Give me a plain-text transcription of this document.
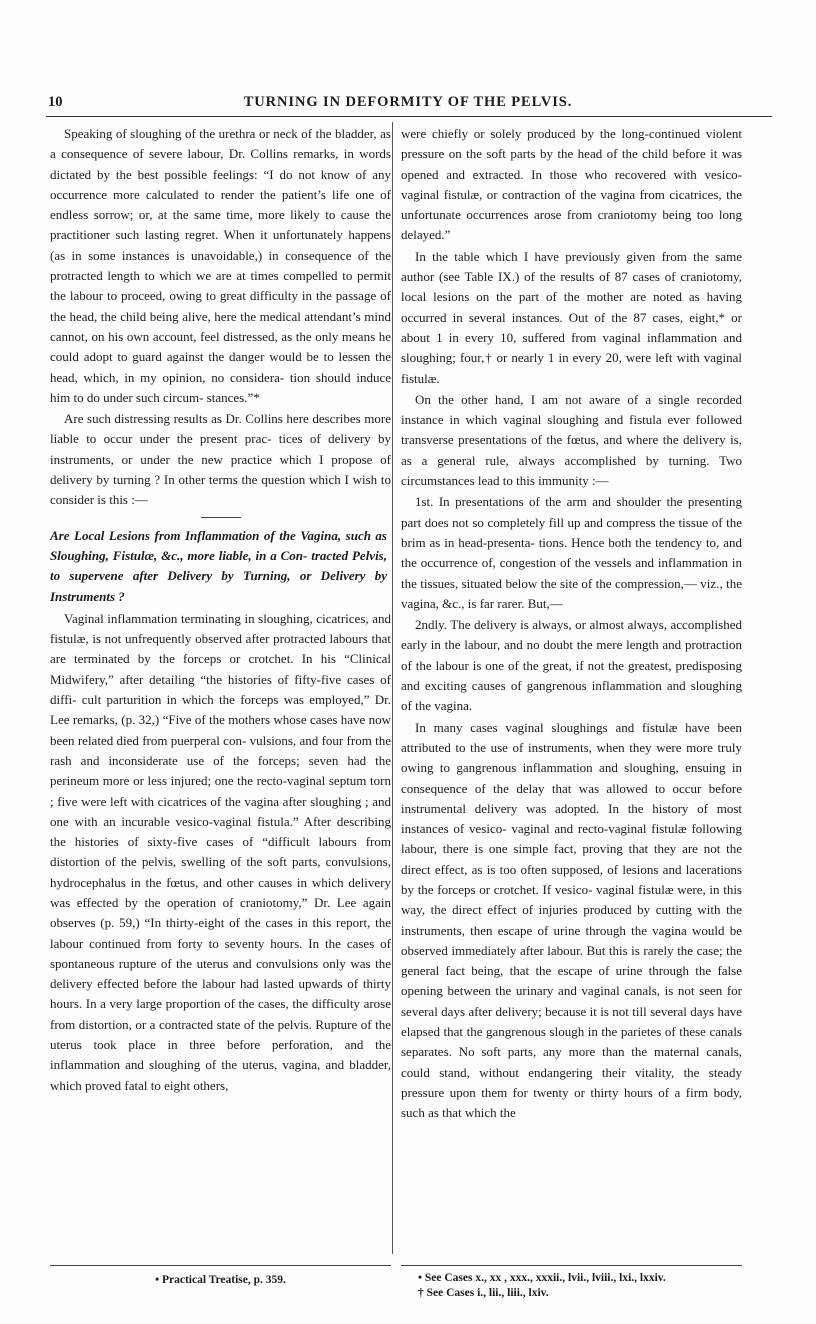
10	TURNING IN DEFORMITY OF THE PELVIS.

Speaking of sloughing of the urethra or neck of the bladder, as a consequence of severe labour, Dr. Collins remarks, in words dictated by the best possible feelings: “I do not know of any occurrence more calculated to render the patient’s life one of endless sorrow; or, at the same time, more likely to cause the practitioner such lasting regret. When it unfortunately happens (as in some instances is unavoidable,) in consequence of the protracted length to which we are at times compelled to permit the labour to proceed, owing to great difficulty in the passage of the head, the child being alive, here the medical attendant’s mind cannot, on his own account, feel distressed, as the only means he could adopt to guard against the danger would be to lessen the head, which, in my opinion, no considera- tion should induce him to do under such circum- stances.”*

Are such distressing results as Dr. Collins here describes more liable to occur under the present prac- tices of delivery by instruments, or under the new practice which I propose of delivery by turning ? In other terms the question which I wish to consider is this :—

Are Local Lesions from Inflammation of the Vagina, such as Sloughing, Fistulæ, &c., more liable, in a Con- tracted Pelvis, to supervene after Delivery by Turning, or Delivery by Instruments ?

Vaginal inflammation terminating in sloughing, cicatrices, and fistulæ, is not unfrequently observed after protracted labours that are terminated by the forceps or crotchet. In his “Clinical Midwifery,” after detailing “the histories of fifty-five cases of diffi- cult parturition in which the forceps was employed,” Dr. Lee remarks, (p. 32,) “Five of the mothers whose cases have now been related died from puerperal con- vulsions, and four from the rash and inconsiderate use of the forceps; seven had the perineum more or less injured; one the recto-vaginal septum torn ; five were left with cicatrices of the vagina after sloughing ; and one with an incurable vesico-vaginal fistula.” After describing the histories of sixty-five cases of “difficult labours from distortion of the pelvis, swelling of the soft parts, convulsions, hydrocephalus in the fœtus, and other causes in which delivery was effected by the operation of craniotomy,” Dr. Lee again observes (p. 59,) “In thirty-eight of the cases in this report, the labour continued from forty to seventy hours. In the cases of spontaneous rupture of the uterus and convulsions only was the delivery effected before the labour had lasted upwards of thirty hours. In a very large proportion of the cases, the difficulty arose from distortion, or a contracted state of the pelvis. Rupture of the uterus took place in three before perforation, and the inflammation and sloughing of the uterus, vagina, and bladder, which proved fatal to eight others,

were chiefly or solely produced by the long-continued violent pressure on the soft parts by the head of the child before it was opened and extracted. In those who recovered with vesico-vaginal fistulæ, or contraction of the vagina from cicatrices, the unfortunate occurrences arose from craniotomy being too long delayed.”

In the table which I have previously given from the same author (see Table IX.) of the results of 87 cases of craniotomy, local lesions on the part of the mother are noted as having occurred in several instances. Out of the 87 cases, eight,* or about 1 in every 10, suffered from vaginal inflammation and sloughing; four,† or nearly 1 in every 20, were left with vaginal fistulæ.

On the other hand, I am not aware of a single recorded instance in which vaginal sloughing and fistula ever followed transverse presentations of the fœtus, and where the delivery is, as a general rule, always accomplished by turning. Two circumstances lead to this immunity :—

1st. In presentations of the arm and shoulder the presenting part does not so completely fill up and compress the tissue of the brim as in head-presenta- tions. Hence both the tendency to, and the occurrence of, congestion of the vessels and inflammation in the tissues, situated below the site of the compression,— viz., the vagina, &c., is far rarer. But,—

2ndly. The delivery is always, or almost always, accomplished early in the labour, and no doubt the mere length and protraction of the labour is one of the great, if not the greatest, predisposing and exciting causes of gangrenous inflammation and sloughing of the vagina.

In many cases vaginal sloughings and fistulæ have been attributed to the use of instruments, when they were more truly owing to gangrenous inflammation and sloughing, ensuing in consequence of the delay that was allowed to occur before instrumental delivery was adopted. In the history of most instances of vesico- vaginal and recto-vaginal fistulæ following labour, there is one simple fact, proving that they are not the direct effect, as is too often supposed, of lesions and lacerations by the forceps or crotchet. If vesico- vaginal fistulæ were, in this way, the direct effect of injuries produced by cutting with the instruments, then escape of urine through the vagina would be observed immediately after labour. But this is rarely the case; the general fact being, that the escape of urine through the false opening between the urinary and vaginal canals, is not seen for several days after delivery; because it is not till several days have elapsed that the gangrenous slough in the parietes of these canals separates. No soft parts, any more than the maternal canals, could stand, without endangering their vitality, the steady pressure upon them for twenty or thirty hours of a firm body, such as that which the

• Practical Treatise, p. 359.	• See Cases x., xx , xxx., xxxii., lvii., lviii., lxi., lxxiv.
† See Cases i., lii., liii., lxiv.
